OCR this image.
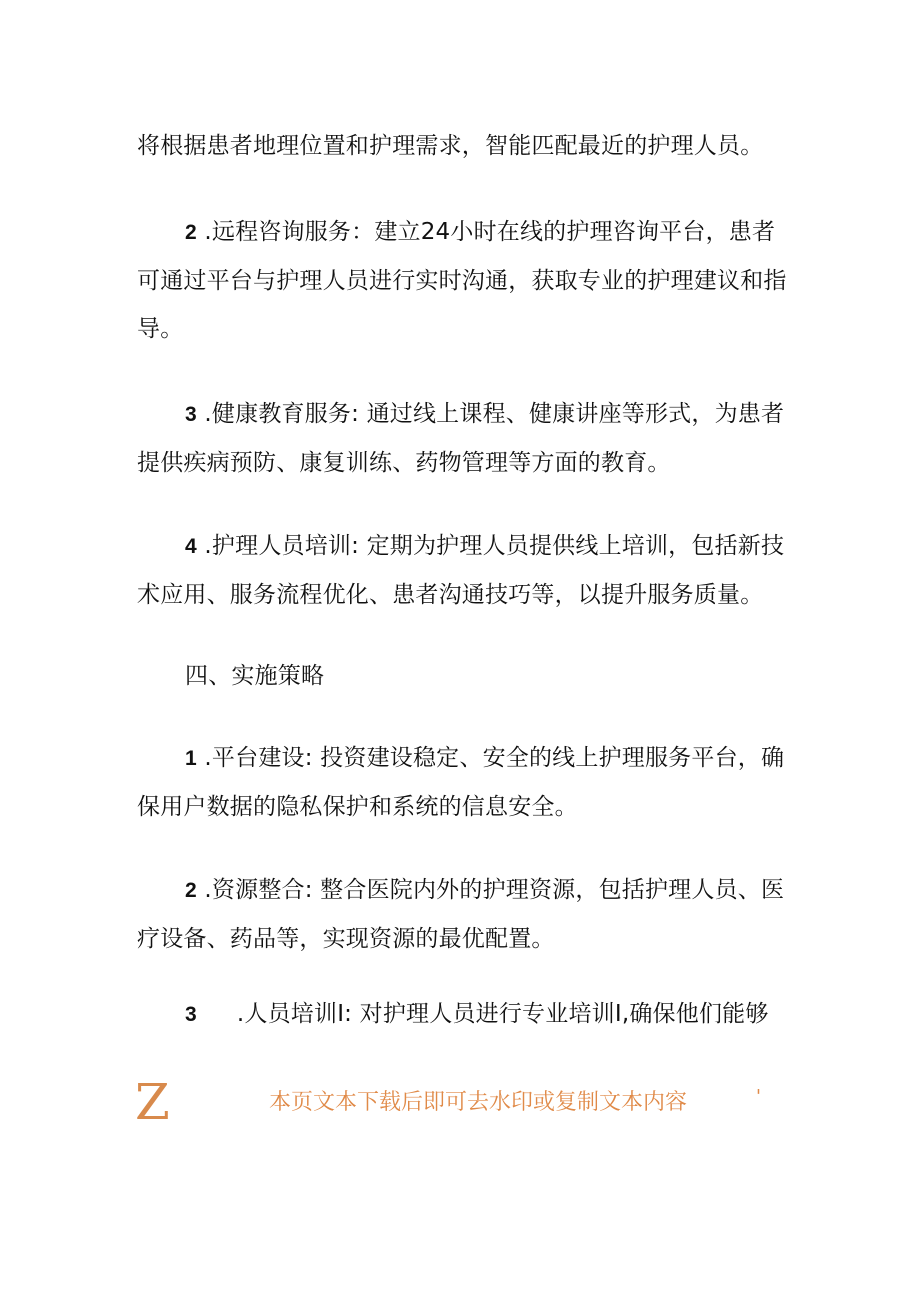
将根据患者地理位置和护理需求，智能匹配最近的护理人员。

2 .远程咨询服务：建立24小时在线的护理咨询平台，患者可通过平台与护理人员进行实时沟通，获取专业的护理建议和指导。

3 .健康教育服务: 通过线上课程、健康讲座等形式，为患者提供疾病预防、康复训练、药物管理等方面的教育。

4 .护理人员培训: 定期为护理人员提供线上培训，包括新技术应用、服务流程优化、患者沟通技巧等，以提升服务质量。

四、实施策略

1 .平台建设: 投资建设稳定、安全的线上护理服务平台，确保用户数据的隐私保护和系统的信息安全。

2 .资源整合: 整合医院内外的护理资源，包括护理人员、医疗设备、药品等，实现资源的最优配置。

3 .人员培训I: 对护理人员进行专业培训I,确保他们能够

Z	本页文本下载后即可去水印或复制文本内容	'
